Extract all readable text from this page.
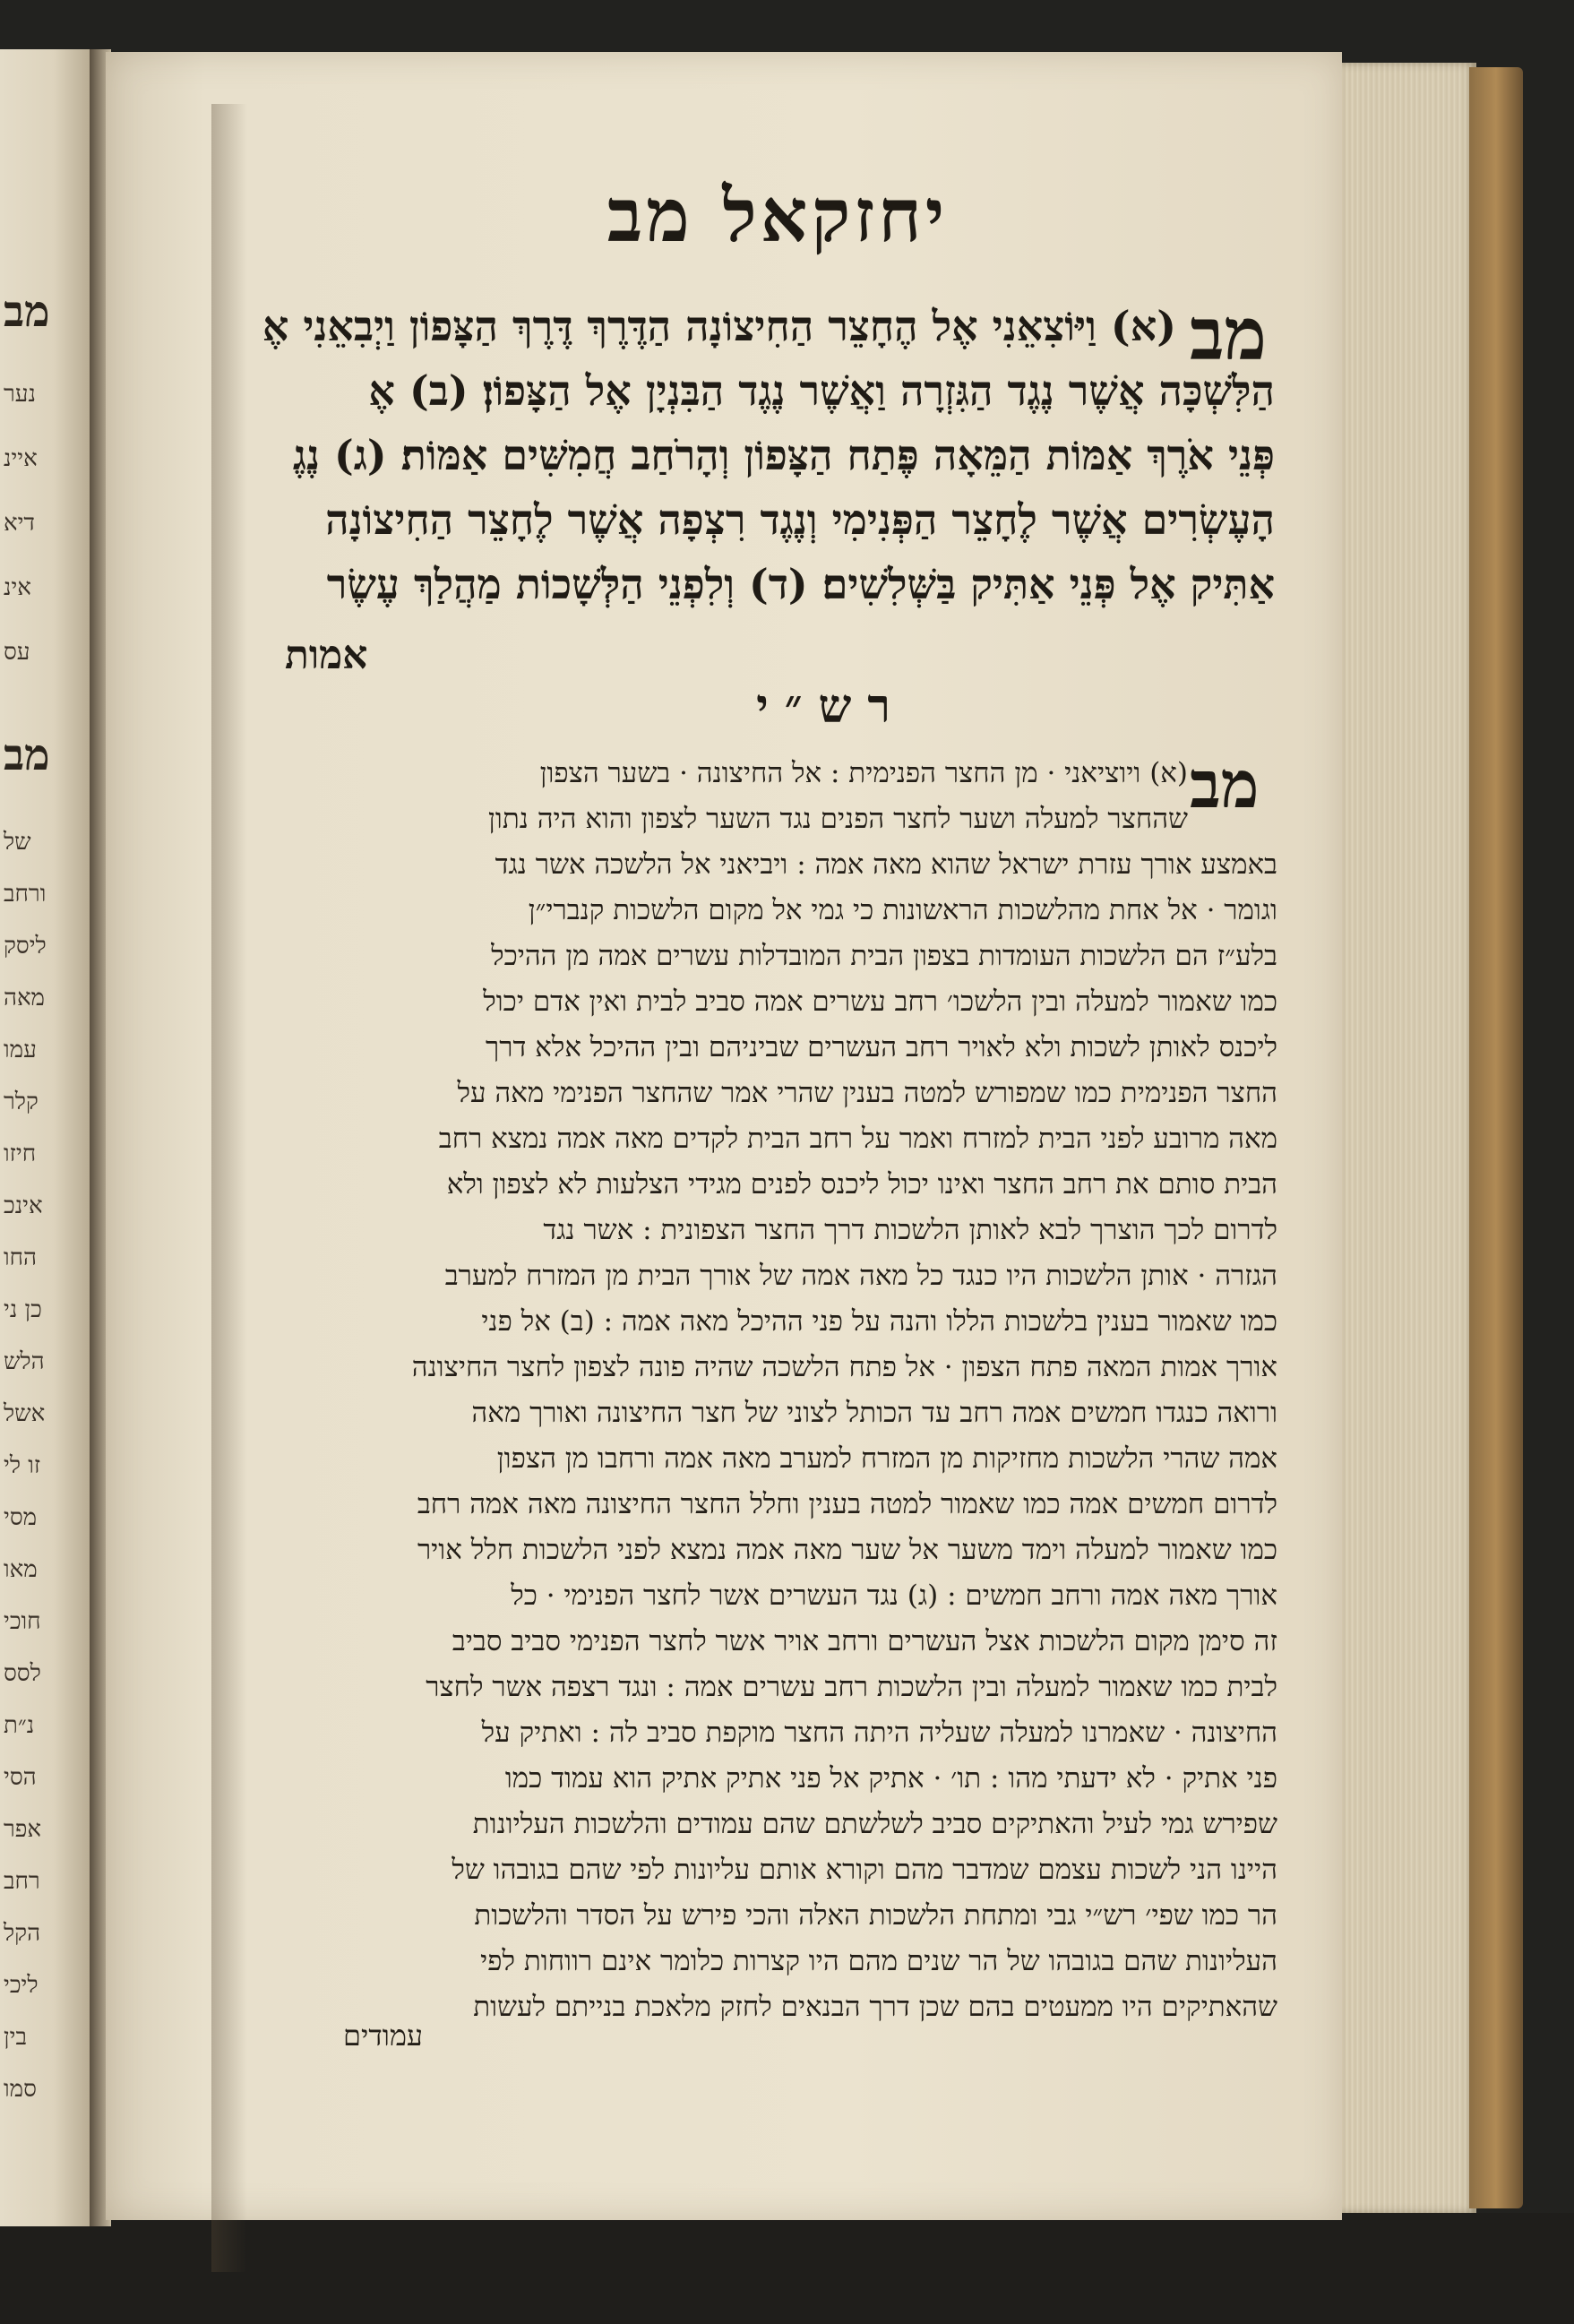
מב
נער
איינ
דיא
אינ
עס
מב
של
ורחב
ליסק
מאה
עמו
קלר
חיזו
אינכ
החו
כן ני
הלש
אשל
זו לי
מסי
מאו
חוכי
לסס
נ״ת
הסי
אפר
רחב
הקל
ליכי
בין
סמו
יחזקאל מב
מב
(א) וַיּוֹצִאֵנִי אֶל הֶחָצֵר הַחִיצוֹנָה הַדֶּרֶךְ דֶּרֶךְ הַצָּפוֹן וַיְבִאֵנִי אֶ
הַלִּשְׁכָּה אֲשֶׁר נֶגֶד הַגִּזְרָה וַאֲשֶׁר נֶגֶד הַבִּנְיָן אֶל הַצָּפוֹן׃ (ב) אֶ
פְּנֵי אֹרֶךְ אַמּוֹת הַמֵּאָה פֶּתַח הַצָּפוֹן וְהָרֹחַב חֲמִשִּׁים אַמּוֹת׃ (ג) נֶגֶ
הָעֶשְׂרִים אֲשֶׁר לֶחָצֵר הַפְּנִימִי וְנֶגֶד רִצְפָה אֲשֶׁר לֶחָצֵר הַחִיצוֹנָה
אַתִּיק אֶל פְּנֵי אַתִּיק בַּשְּׁלִשִׁים׃ (ד) וְלִפְנֵי הַלְּשָׁכוֹת מַהֲלַךְ עֶשֶׂר
אמות
רש״י
מב
(א) ויוציאני · מן החצר הפנימית : אל החיצונה · בשער הצפון
שהחצר למעלה ושער לחצר הפנים נגד השער לצפון והוא היה נתון
באמצע אורך עזרת ישראל שהוא מאה אמה : ויביאני אל הלשכה אשר נגד
וגומר · אל אחת מהלשכות הראשונות כי גמי אל מקום הלשכות קנברי״ן
בלע״ז הם הלשכות העומדות בצפון הבית המובדלות עשרים אמה מן ההיכל
כמו שאמור למעלה ובין הלשכו׳ רחב עשרים אמה סביב לבית ואין אדם יכול
ליכנס לאותן לשכות ולא לאויר רחב העשרים שביניהם ובין ההיכל אלא דרך
החצר הפנימית כמו שמפורש למטה בענין שהרי אמר שהחצר הפנימי מאה על
מאה מרובע לפני הבית למזרח ואמר על רחב הבית לקדים מאה אמה נמצא רחב
הבית סותם את רחב החצר ואינו יכול ליכנס לפנים מגידי הצלעות לא לצפון ולא
לדרום לכך הוצרך לבא לאותן הלשכות דרך החצר הצפונית : אשר נגד
הגזרה · אותן הלשכות היו כנגד כל מאה אמה של אורך הבית מן המזרח למערב
כמו שאמור בענין בלשכות הללו והנה על פני ההיכל מאה אמה : (ב) אל פני
אורך אמות המאה פתח הצפון · אל פתח הלשכה שהיה פונה לצפון לחצר החיצונה
ורואה כנגדו חמשים אמה רחב עד הכותל לצוני של חצר החיצונה ואורך מאה
אמה שהרי הלשכות מחזיקות מן המזרח למערב מאה אמה ורחבו מן הצפון
לדרום חמשים אמה כמו שאמור למטה בענין וחלל החצר החיצונה מאה אמה רחב
כמו שאמור למעלה וימד משער אל שער מאה אמה נמצא לפני הלשכות חלל אויר
אורך מאה אמה ורחב חמשים : (ג) נגד העשרים אשר לחצר הפנימי · כל
זה סימן מקום הלשכות אצל העשרים ורחב אויר אשר לחצר הפנימי סביב סביב
לבית כמו שאמור למעלה ובין הלשכות רחב עשרים אמה : ונגד רצפה אשר לחצר
החיצונה · שאמרנו למעלה שעליה היתה החצר מוקפת סביב לה : ואתיק על
פני אתיק · לא ידעתי מהו : תו׳ · אתיק אל פני אתיק אתיק הוא עמוד כמו
שפירש גמי לעיל והאתיקים סביב לשלשתם שהם עמודים והלשכות העליונות
היינו הני לשכות עצמם שמדבר מהם וקורא אותם עליונות לפי שהם בגובהו של
הר כמו שפי׳ רש״י גבי ומתחת הלשכות האלה והכי פירש על הסדר והלשכות
העליונות שהם בגובהו של הר שנים מהם היו קצרות כלומר אינם רווחות לפי
שהאתיקים היו ממעטים בהם שכן דרך הבנאים לחזק מלאכת בנייתם לעשות
עמודים
